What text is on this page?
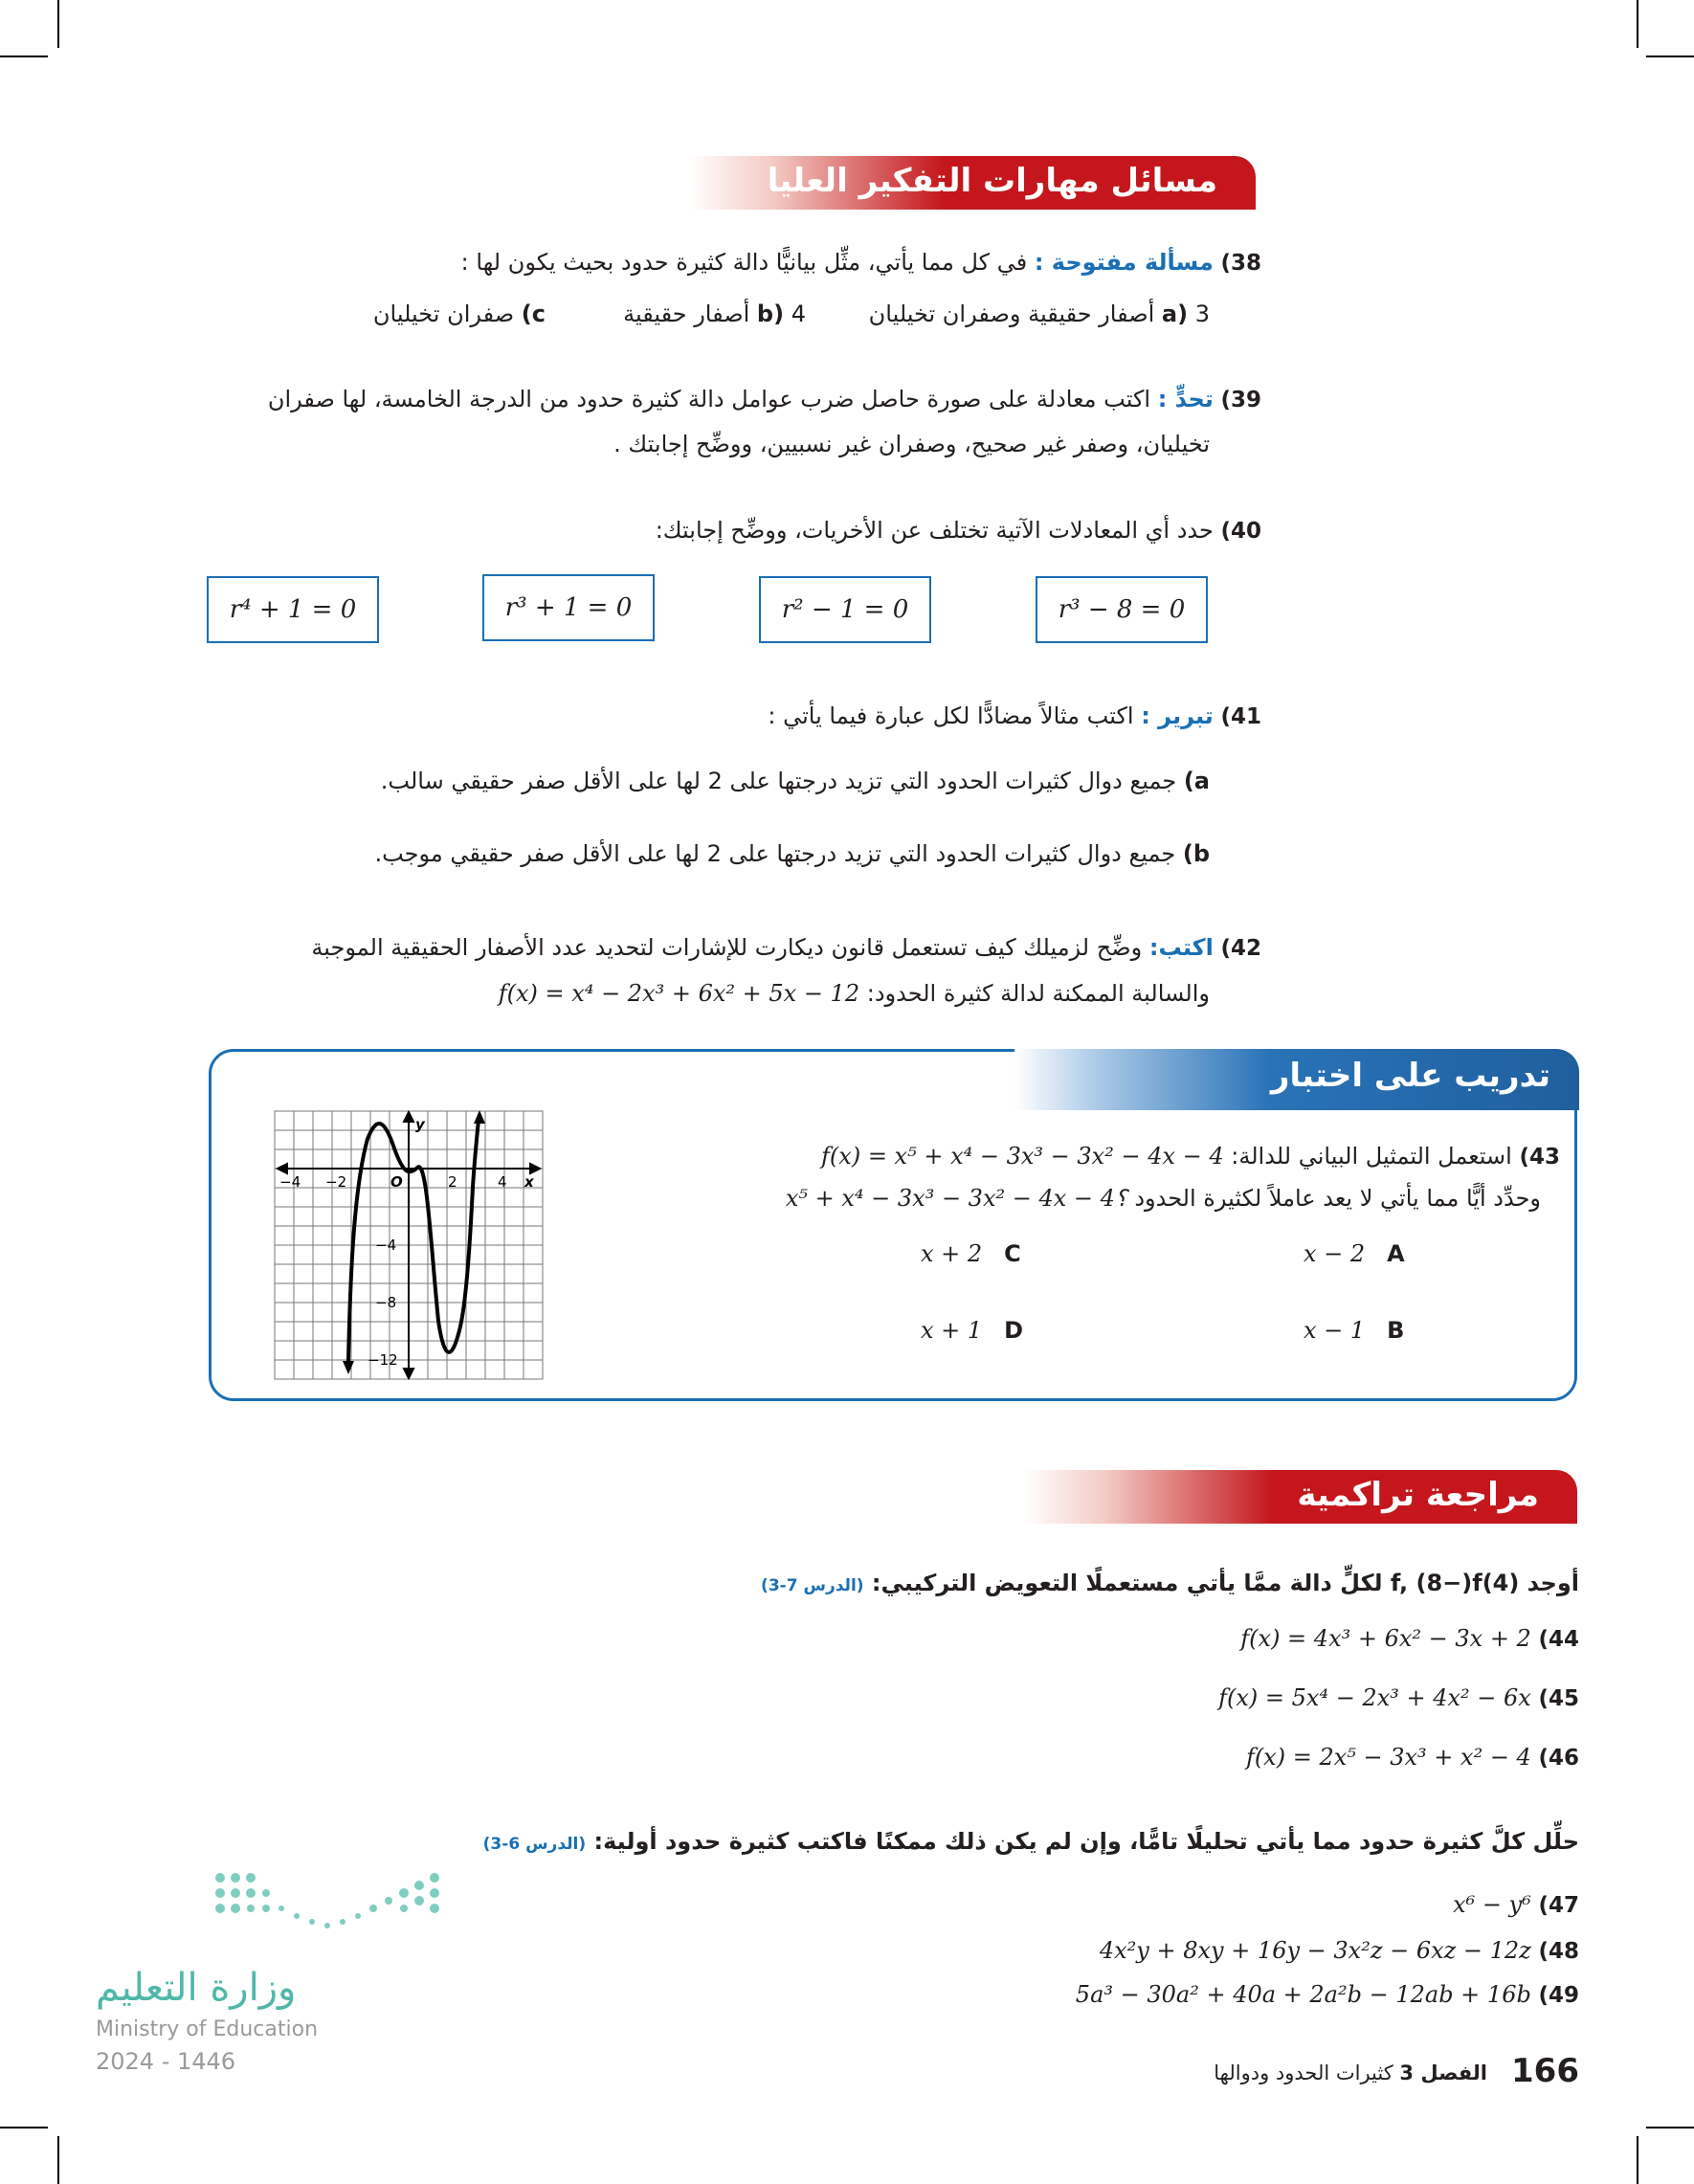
مسائل مهارات التفكير العليا
38) مسألة مفتوحة : في كل مما يأتي، مثِّل بيانيًّا دالة كثيرة حدود بحيث يكون لها :
a) 3 أصفار حقيقية وصفران تخيليان
b) 4 أصفار حقيقية
c) صفران تخيليان
39) تحدٍّ : اكتب معادلة على صورة حاصل ضرب عوامل دالة كثيرة حدود من الدرجة الخامسة، لها صفران
تخيليان، وصفر غير صحيح، وصفران غير نسبيين، ووضِّح إجابتك .
40) حدد أي المعادلات الآتية تختلف عن الأخريات، ووضِّح إجابتك:
r³ − 8 = 0
r² − 1 = 0
r³ + 1 = 0
r⁴ + 1 = 0
41) تبرير : اكتب مثالاً مضادًّا لكل عبارة فيما يأتي :
a) جميع دوال كثيرات الحدود التي تزيد درجتها على 2 لها على الأقل صفر حقيقي سالب.
b) جميع دوال كثيرات الحدود التي تزيد درجتها على 2 لها على الأقل صفر حقيقي موجب.
42) اكتب: وضِّح لزميلك كيف تستعمل قانون ديكارت للإشارات لتحديد عدد الأصفار الحقيقية الموجبة
والسالبة الممكنة لدالة كثيرة الحدود: f(x) = x⁴ − 2x³ + 6x² + 5x − 12
تدريب على اختبار
43) استعمل التمثيل البياني للدالة: f(x) = x⁵ + x⁴ − 3x³ − 3x² − 4x − 4
وحدِّد أيًّا مما يأتي لا يعد عاملاً لكثيرة الحدود x⁵ + x⁴ − 3x³ − 3x² − 4x − 4؟
x − 2 A
x − 1 B
x + 2 C
x + 1 D
−4 −2	2	4 x
y
O
−4
−8
−12
مراجعة تراكمية
أوجد (4)f, (8−)f لكلٍّ دالة ممَّا يأتي مستعملًا التعويض التركيبي: (الدرس 7-3)
44) f(x) = 4x³ + 6x² − 3x + 2
45) f(x) = 5x⁴ − 2x³ + 4x² − 6x
46) f(x) = 2x⁵ − 3x³ + x² − 4
حلِّل كلَّ كثيرة حدود مما يأتي تحليلًا تامًّا، وإن لم يكن ذلك ممكنًا فاكتب كثيرة حدود أولية: (الدرس 6-3)
47) x⁶ − y⁶
48) 4x²y + 8xy + 16y − 3x²z − 6xz − 12z
49) 5a³ − 30a² + 40a + 2a²b − 12ab + 16b
وزارة التعليم
Ministry of Education
2024 - 1446	الفصل 3 كثيرات الحدود ودوالها	166
